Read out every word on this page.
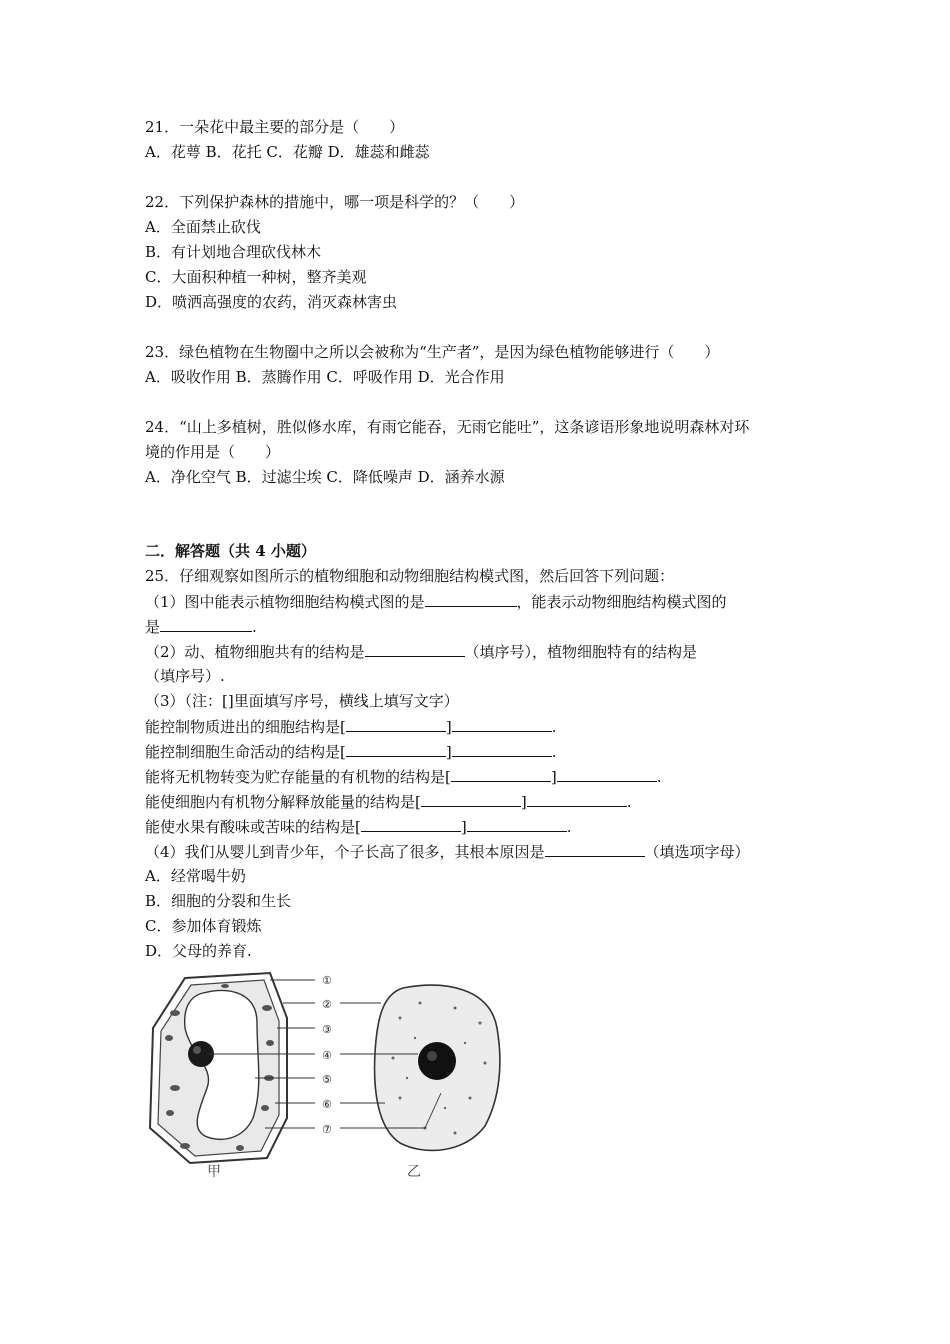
21．一朵花中最主要的部分是（　　）
A．花萼 B．花托 C．花瓣 D．雄蕊和雌蕊
22．下列保护森林的措施中，哪一项是科学的？（　　）
A．全面禁止砍伐
B．有计划地合理砍伐林木
C．大面积种植一种树，整齐美观
D．喷洒高强度的农药，消灭森林害虫
23．绿色植物在生物圈中之所以会被称为“生产者”，是因为绿色植物能够进行（　　）
A．吸收作用 B．蒸腾作用 C．呼吸作用 D．光合作用
24．“山上多植树，胜似修水库，有雨它能吞，无雨它能吐”，这条谚语形象地说明森林对环
境的作用是（　　）
A．净化空气 B．过滤尘埃 C．降低噪声 D．涵养水源
二．解答题（共 4 小题）
25．仔细观察如图所示的植物细胞和动物细胞结构模式图，然后回答下列问题：
（1）图中能表示植物细胞结构模式图的是	，能表示动物细胞结构模式图的
是	.
（2）动、植物细胞共有的结构是	（填序号），植物细胞特有的结构是
（填序号）.
（3）（注：[]里面填写序号，横线上填写文字）
能控制物质进出的细胞结构是[	]	.
能控制细胞生命活动的结构是[	]	.
能将无机物转变为贮存能量的有机物的结构是[	]	.
能使细胞内有机物分解释放能量的结构是[	]	.
能使水果有酸味或苦味的结构是[	]	.
（4）我们从婴儿到青少年，个子长高了很多，其根本原因是	（填选项字母）
A．经常喝牛奶
B．细胞的分裂和生长
C．参加体育锻炼
D．父母的养育.
①
②
③
④
⑤
⑥
⑦
甲	乙
